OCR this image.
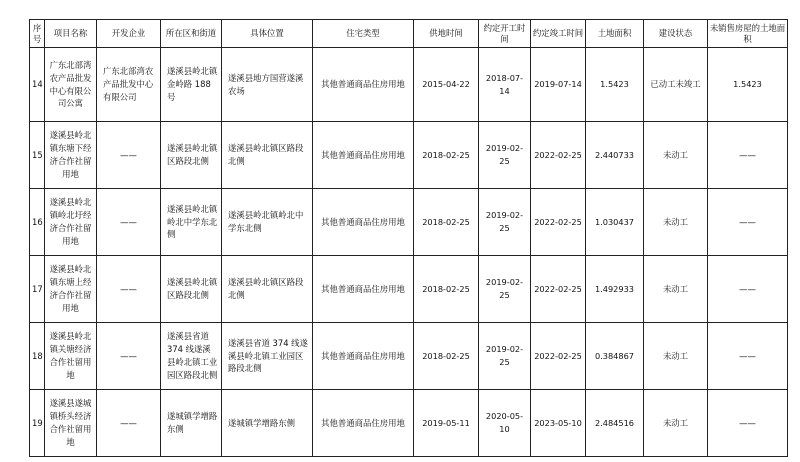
序号	项目名称	开发企业	所在区和街道	具体位置	住宅类型	供地时间	约定开工时间	约定竣工时间	土地面积	建设状态	未销售房屋的土地面积
14	广东北部湾农产品批发中心有限公司公寓	广东北部湾农产品批发中心有限公司	遂溪县岭北镇金岭路 188 号	遂溪县地方国营遂溪农场	其他普通商品住房用地	2015-04-22	2018-07-14	2019-07-14	1.5423	已动工未竣工	1.5423
15	遂溪县岭北镇东塘下经济合作社留用地	——	遂溪县岭北镇区路段北侧	遂溪县岭北镇区路段北侧	其他普通商品住房用地	2018-02-25	2019-02-25	2022-02-25	2.440733	未动工	——
16	遂溪县岭北镇岭北圩经济合作社留用地	——	遂溪县岭北镇岭北中学东北侧	遂溪县岭北镇岭北中学东北侧	其他普通商品住房用地	2018-02-25	2019-02-25	2022-02-25	1.030437	未动工	——
17	遂溪县岭北镇东塘上经济合作社留用地	——	遂溪县岭北镇区路段北侧	遂溪县岭北镇区路段北侧	其他普通商品住房用地	2018-02-25	2019-02-25	2022-02-25	1.492933	未动工	——
18	遂溪县岭北镇关塘经济合作社留用地	——	遂溪县省道 374 线遂溪县岭北镇工业园区路段北侧	遂溪县省道 374 线遂溪县岭北镇工业园区路段北侧	其他普通商品住房用地	2018-02-25	2019-02-25	2022-02-25	0.384867	未动工	——
19	遂溪县遂城镇桥头经济合作社留用地	——	遂城镇学增路东侧	遂城镇学增路东侧	其他普通商品住房用地	2019-05-11	2020-05-10	2023-05-10	2.484516	未动工	——
